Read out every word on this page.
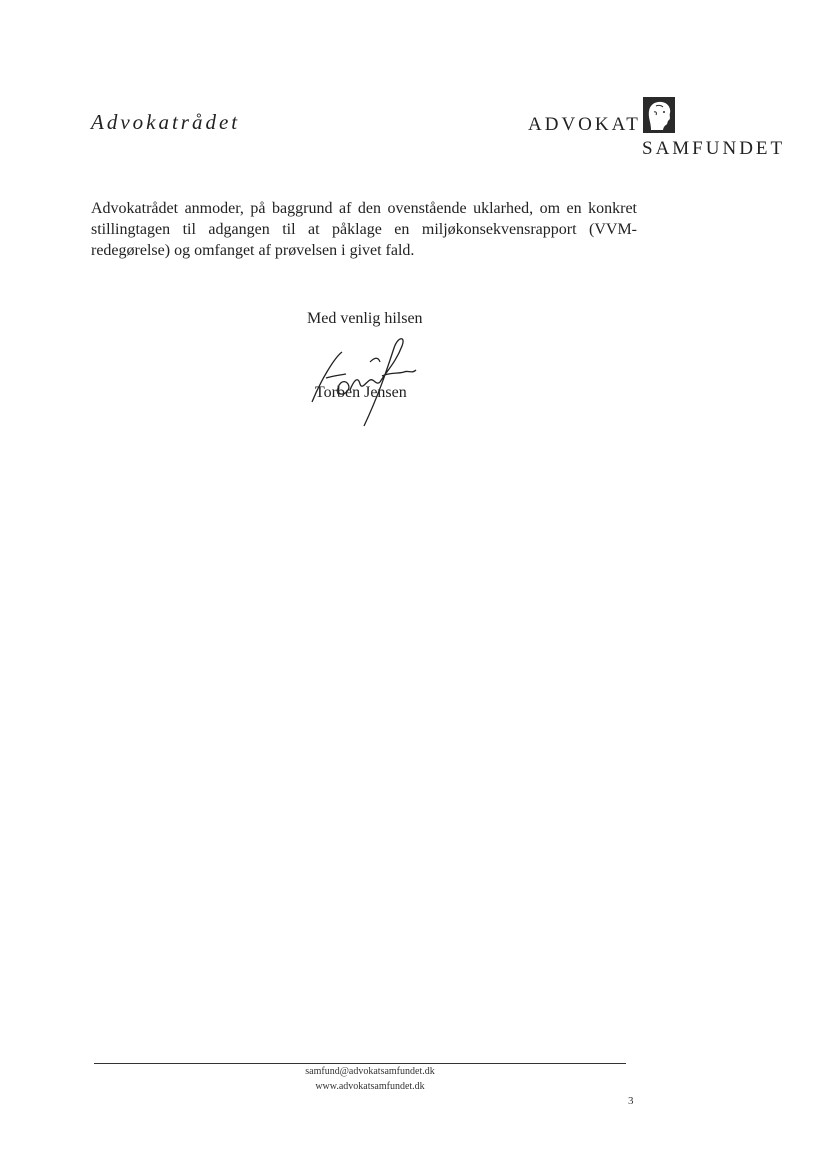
Advokatrådet	ADVOKAT
SAMFUNDET

Advokatrådet anmoder, på baggrund af den ovenstående uklarhed, om en konkret stillingtagen til adgangen til at påklage en miljøkonsekvensrapport (VVM-redegørelse) og omfanget af prøvelsen i givet fald.

Med venlig hilsen
Torben Jensen
samfund@advokatsamfundet.dk
www.advokatsamfundet.dk
3
